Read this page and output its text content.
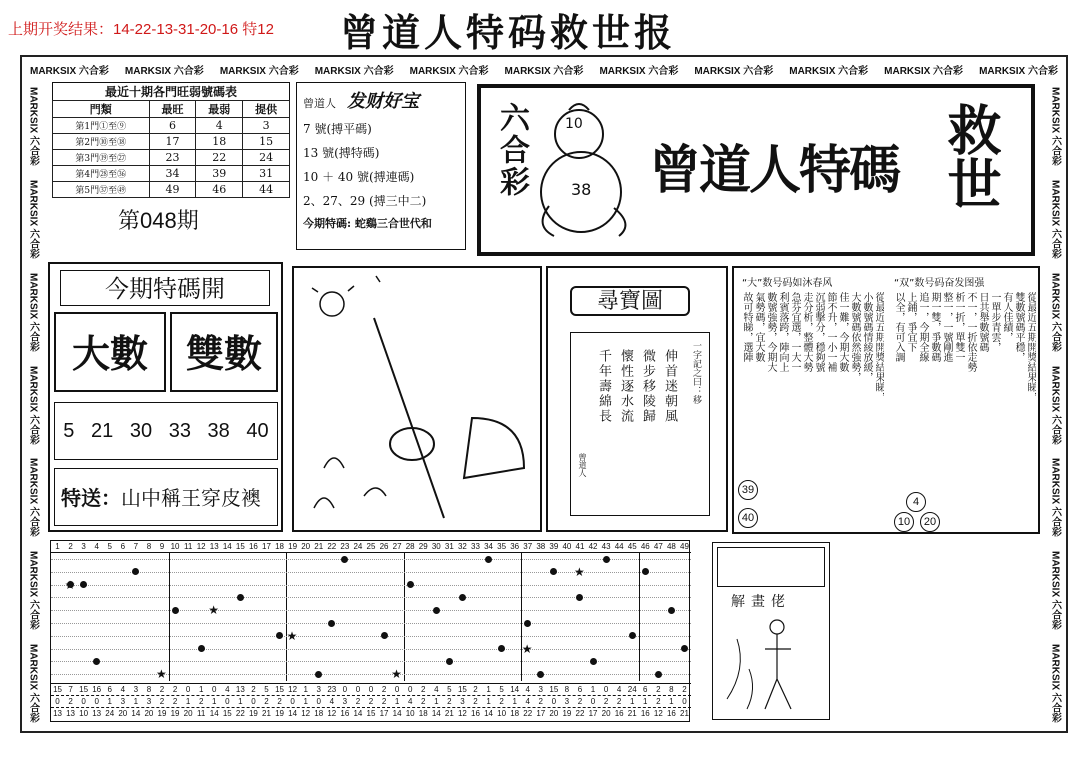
上期开奖结果：14-22-13-31-20-16 特12 曾道人特码救世报
MARKSIX 六合彩 MARKSIX 六合彩 MARKSIX 六合彩 MARKSIX 六合彩 MARKSIX 六合彩 MARKSIX 六合彩 MARKSIX 六合彩 MARKSIX 六合彩 MARKSIX 六合彩 MARKSIX 六合彩 MARKSIX 六合彩
MARKSIX 六合彩
MARKSIX 六合彩
MARKSIX 六合彩
MARKSIX 六合彩
MARKSIX 六合彩
MARKSIX 六合彩
MARKSIX 六合彩
MARKSIX 六合彩
MARKSIX 六合彩
MARKSIX 六合彩
MARKSIX 六合彩
MARKSIX 六合彩
MARKSIX 六合彩
MARKSIX 六合彩
最近十期各門旺弱號碼表
門類	最旺	最弱	提供
第1門①至⑨	6	4	3
第2門⑩至⑱	17	18	15
第3門⑲至㉗	23	22	24
第4門㉘至㊱	34	39	31
第5門㊲至㊾	49	46	44
第048期
曾道人 发财好宝
7 號(搏平碼)
13 號(搏特碼)
10 ＋ 40 號(搏連碼)
2、27、29 (搏三中二)
今期特碼: 蛇鷄三合世代和
六合彩	10
38 曾道人特碼 救世
今期特碼開
大數 雙數
5 21 30 33 38 40
特送：山中稱王穿皮襖
尋寶圖
一字記之曰：移
伸首迷朝風
微步移陵歸
懷性逐水流
千年壽綿長
曾道人
“大”数号码如沐春风	“双”数号码奋发图强
從最近五期開獎結果睇，
小數號碼情綾放緩，
大數號碼依然強勢，
佳一難，今期大數
節不升，一小一補
沉弱擊分，穩夠號
走分析，整體大勢
急芬宜選，一大一
利賓落跨，陣向上
數號強勢，今期大
氣勢碼，宜大數
故可特睇，選陣	從最近五期開獎結果睇，
雙數號碼平穩，
有人佳績，
一單步青雲，
日共舉數號碼
不一，一折依走勢
析一折，單雙一
整一，一號剛進
期一雙，爭數碼
追一，今期全線
上鋪，爭宜下
以全，有可入調
39
40
4
10	20
1	2	3	4	5	6	7	8	9 10 11 12 13 14 15 16 17 18 19 20 21 22 23 24 25 26 27 28 29 30 31 32 33 34 35 36 37 38 39 40 41 42 43 44 45 46 47 48 49
★
★
★
★
★
★
★
15 7 15 16 6	4	3	8	2	2	0	1	0	4 13 2	5 15 12 1	3 23 0	0	0	2	0	0	2	4	5 15 2	1	5 14 4	3 15 8	6	1	0	4 24 6	2	8	2
0	2	0	0	1	3	1	3	2	2	1	2	1	0	1	0	2	2	0	1	0	4	3	2	2	2	1	4	2	1	2	3	2	1	2	1	4	2	0	3	2	0	2	2	1	1	2	1	0
13 13 10 13 24 20 14 20 19 19 20 11 14 15 22 19 21 19 14 12 18 12 16 14 15 17 14 10 18 14 21 12 16 14 10 18 22 17 20 19 22 17 20 16 21 16 12 16 21
解畫佬
